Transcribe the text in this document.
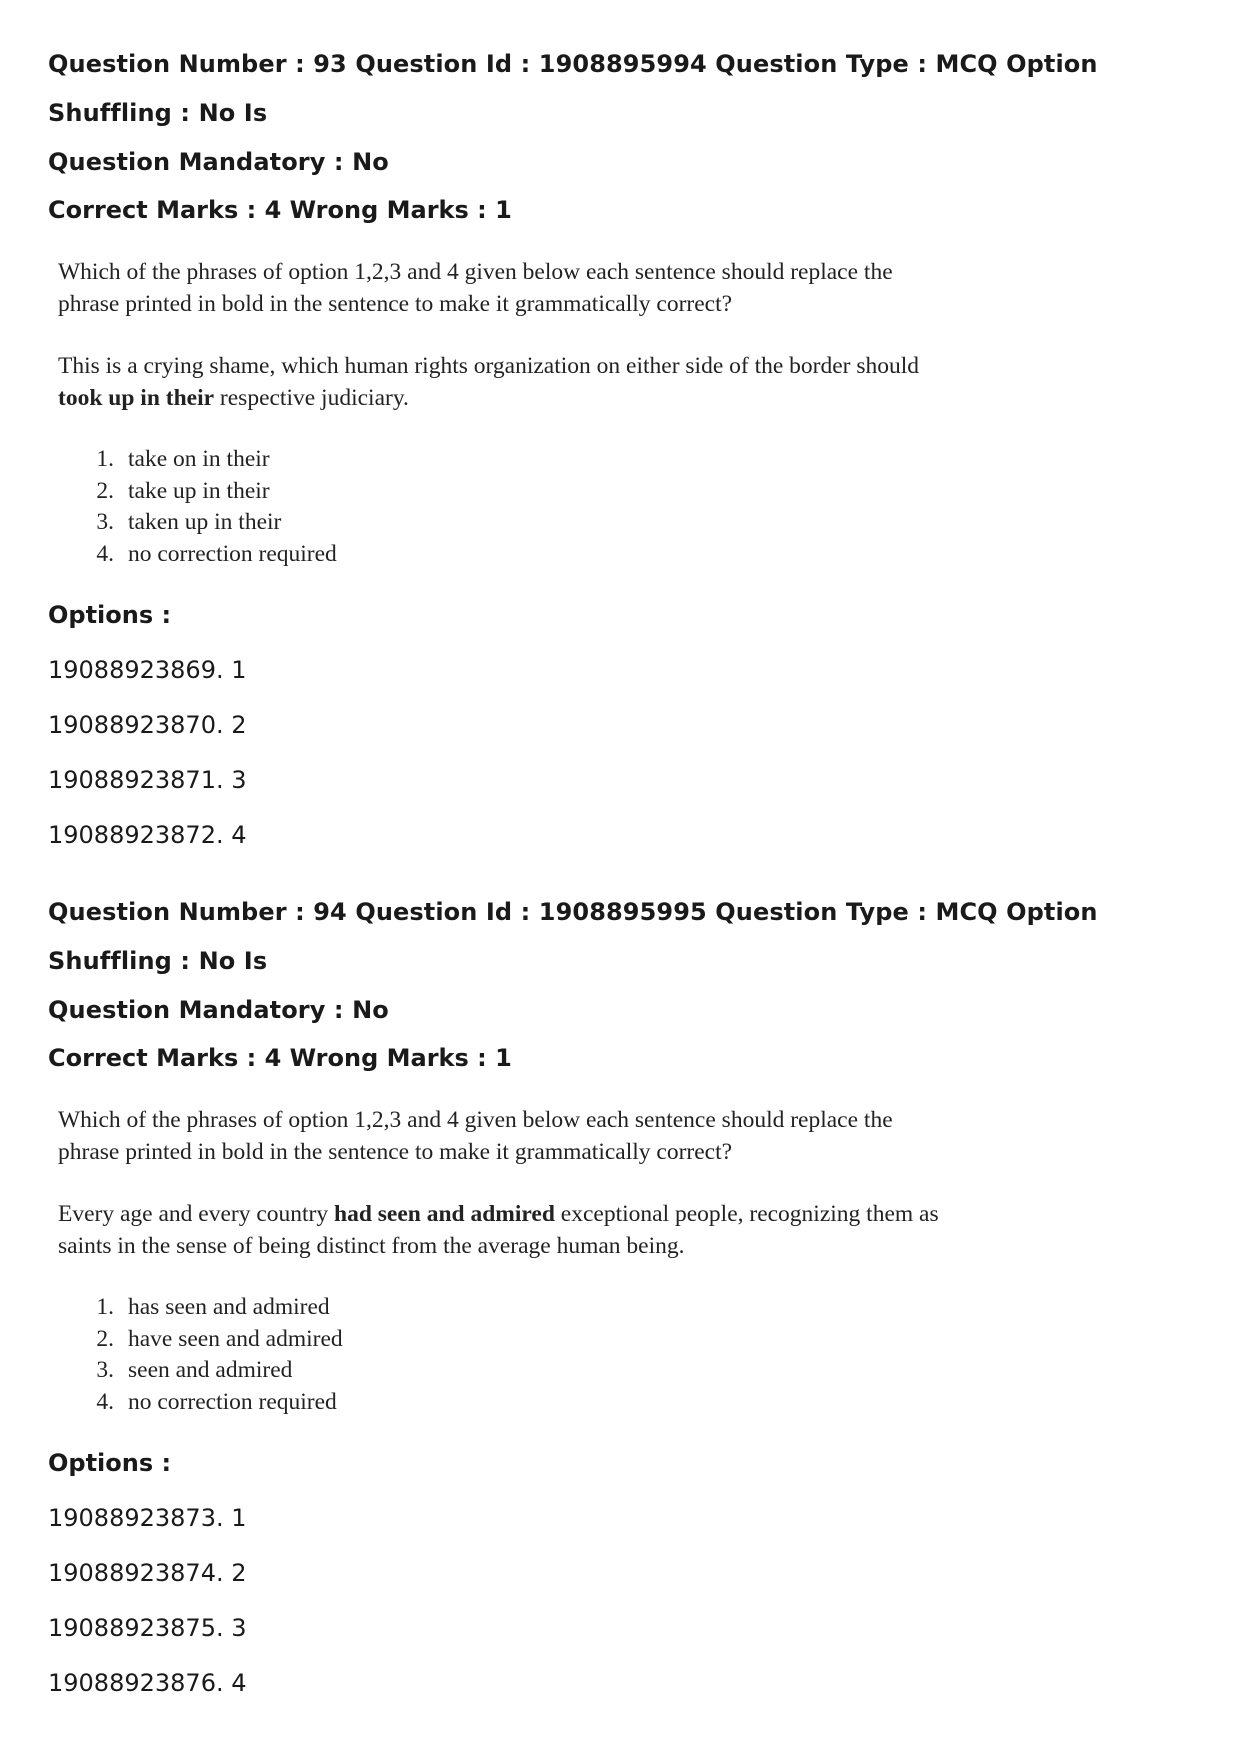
Question Number : 93 Question Id : 1908895994 Question Type : MCQ Option Shuffling : No Is

Question Mandatory : No

Correct Marks : 4 Wrong Marks : 1

Which of the phrases of option 1,2,3 and 4 given below each sentence should replace the

phrase printed in bold in the sentence to make it grammatically correct?

This is a crying shame, which human rights organization on either side of the border should

took up in their respective judiciary.

1. take on in their
2. take up in their
3. taken up in their
4. no correction required

Options :

19088923869. 1

19088923870. 2

19088923871. 3

19088923872. 4

Question Number : 94 Question Id : 1908895995 Question Type : MCQ Option Shuffling : No Is

Question Mandatory : No

Correct Marks : 4 Wrong Marks : 1

Which of the phrases of option 1,2,3 and 4 given below each sentence should replace the

phrase printed in bold in the sentence to make it grammatically correct?

Every age and every country had seen and admired exceptional people, recognizing them as

saints in the sense of being distinct from the average human being.

1. has seen and admired
2. have seen and admired
3. seen and admired
4. no correction required

Options :

19088923873. 1

19088923874. 2

19088923875. 3

19088923876. 4
